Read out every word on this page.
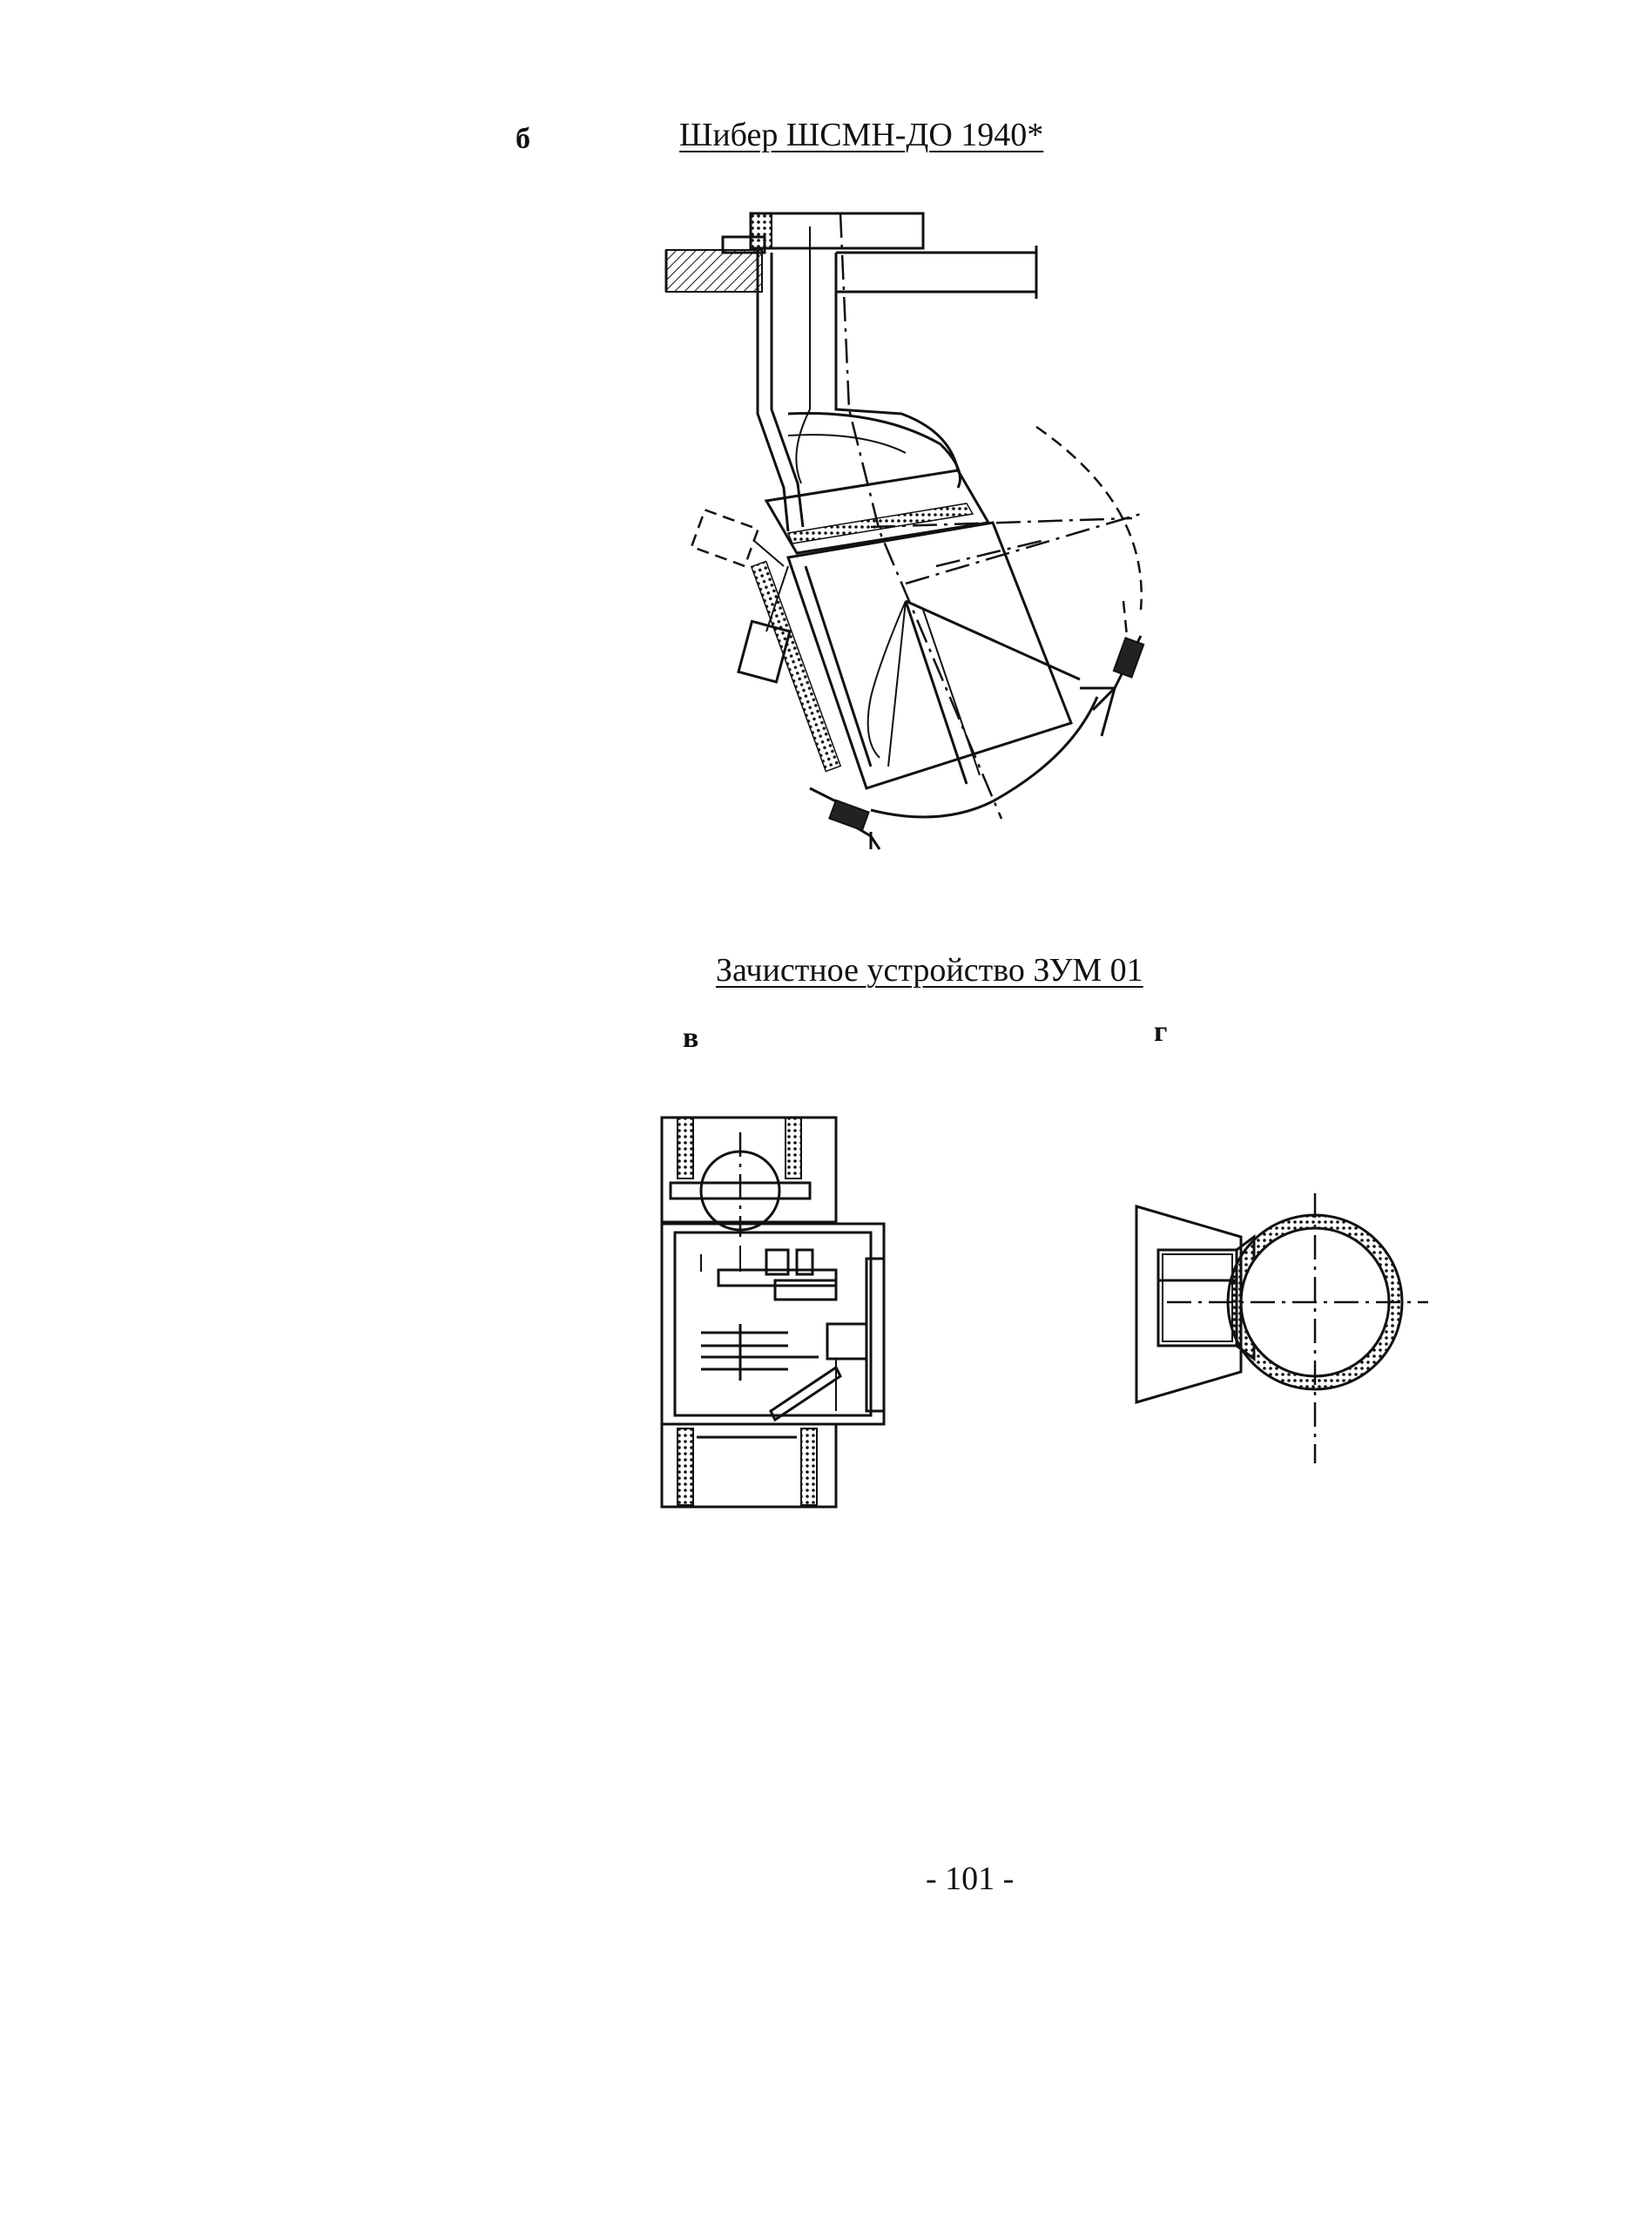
б	Шибер ШСМН-ДО 1940*
Зачистное устройство ЗУМ 01
в	г
- 101 -
